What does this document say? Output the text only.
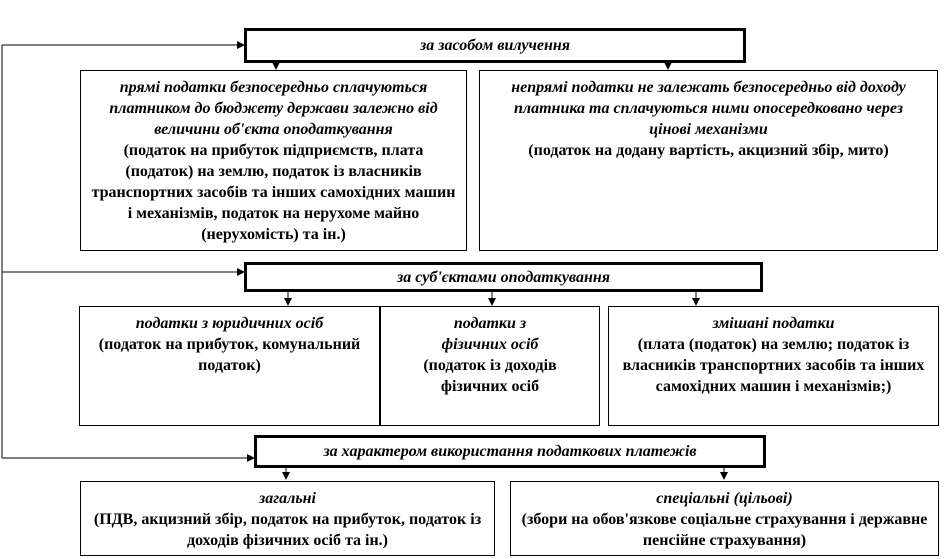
за засобом вилучення
прямі податки безпосередньо сплачуються платником до бюджету держави залежно від величини об'єкта оподаткування
(податок на прибуток підприємств, плата (податок) на землю, податок із власників транспортних засобів та інших самохідних машин і механізмів, податок на нерухоме майно (нерухомість) та ін.)
непрямі податки не залежать безпосередньо від доходу платника та сплачуються ними опосередковано через цінові механізми
(податок на додану вартість, акцизний збір, мито)
за суб'єктами оподаткування
податки з юридичних осіб
(податок на прибуток, комунальний податок)
податки з фізичних осіб
(податок із доходів фізичних осіб
змішані податки
(плата (податок) на землю; податок із власників транспортних засобів та інших самохідних машин і механізмів;)
за характером використання податкових платежів
загальні
(ПДВ, акцизний збір, податок на прибуток, податок із доходів фізичних осіб та ін.)
спеціальні (цільові)
(збори на обов'язкове соціальне страхування і державне пенсійне страхування)
